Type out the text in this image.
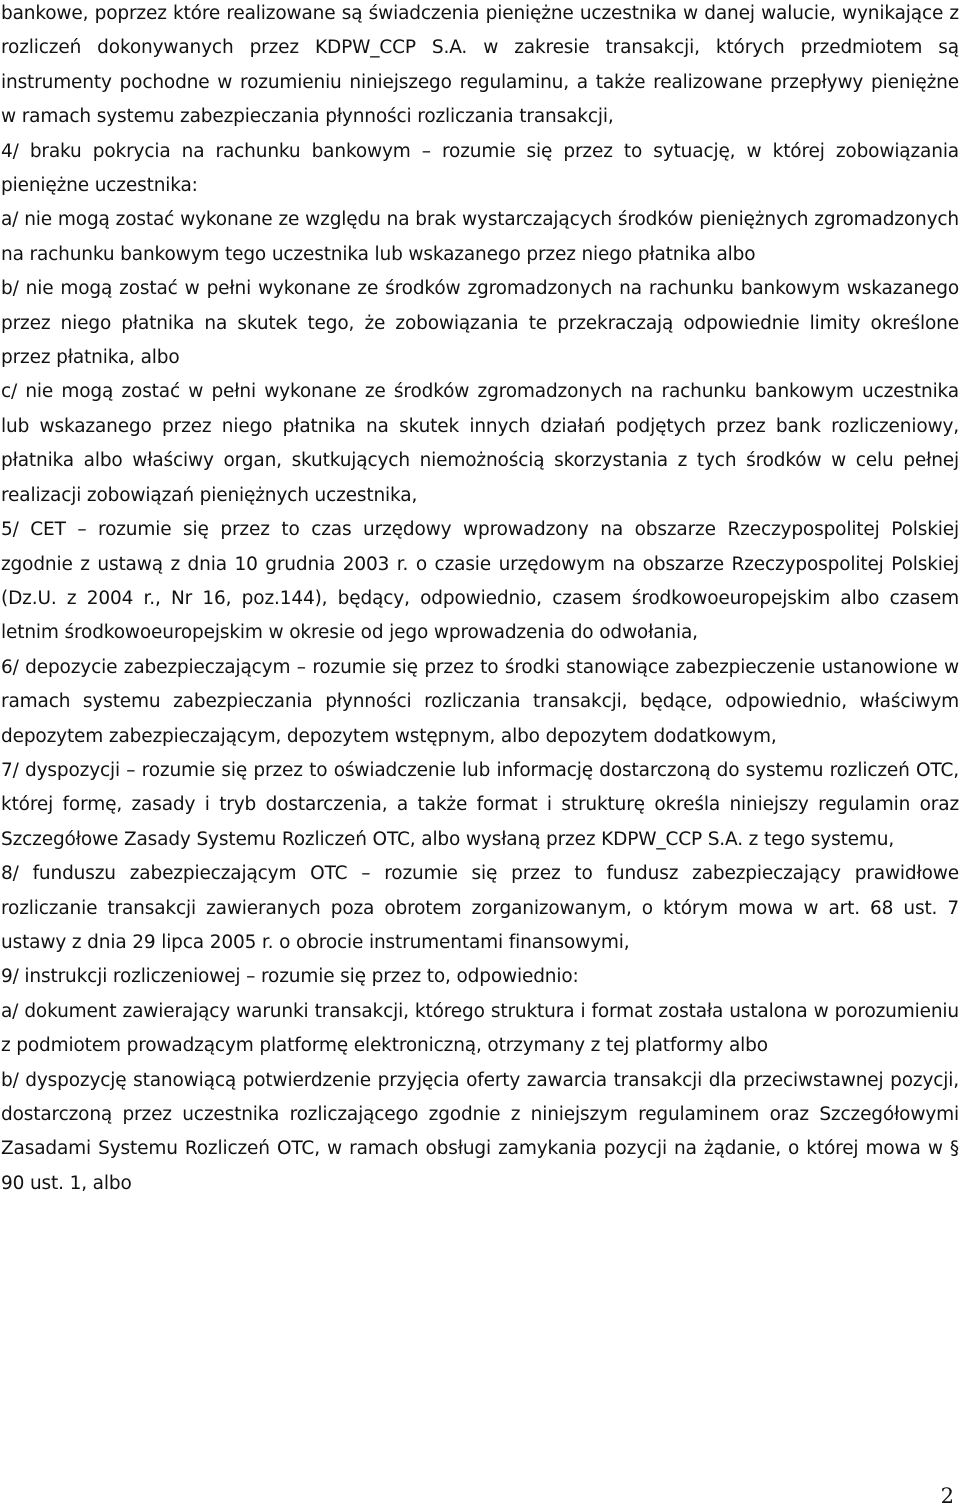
bankowe, poprzez które realizowane są świadczenia pieniężne uczestnika w danej walucie, wynikające z rozliczeń dokonywanych przez KDPW_CCP S.A. w zakresie transakcji, których przedmiotem są instrumenty pochodne w rozumieniu niniejszego regulaminu, a także realizowane przepływy pieniężne w ramach systemu zabezpieczania płynności rozliczania transakcji,

4/ braku pokrycia na rachunku bankowym – rozumie się przez to sytuację, w której zobowiązania pieniężne uczestnika:

a/ nie mogą zostać wykonane ze względu na brak wystarczających środków pieniężnych zgromadzonych na rachunku bankowym tego uczestnika lub wskazanego przez niego płatnika albo

b/ nie mogą zostać w pełni wykonane ze środków zgromadzonych na rachunku bankowym wskazanego przez niego płatnika na skutek tego, że zobowiązania te przekraczają odpowiednie limity określone przez płatnika, albo

c/ nie mogą zostać w pełni wykonane ze środków zgromadzonych na rachunku bankowym uczestnika lub wskazanego przez niego płatnika na skutek innych działań podjętych przez bank rozliczeniowy, płatnika albo właściwy organ, skutkujących niemożnością skorzystania z tych środków w celu pełnej realizacji zobowiązań pieniężnych uczestnika,

5/ CET – rozumie się przez to czas urzędowy wprowadzony na obszarze Rzeczypospolitej Polskiej zgodnie z ustawą z dnia 10 grudnia 2003 r. o czasie urzędowym na obszarze Rzeczypospolitej Polskiej (Dz.U. z 2004 r., Nr 16, poz.144), będący, odpowiednio, czasem środkowoeuropejskim albo czasem letnim środkowoeuropejskim w okresie od jego wprowadzenia do odwołania,

6/ depozycie zabezpieczającym – rozumie się przez to środki stanowiące zabezpieczenie ustanowione w ramach systemu zabezpieczania płynności rozliczania transakcji, będące, odpowiednio, właściwym depozytem zabezpieczającym, depozytem wstępnym, albo depozytem dodatkowym,

7/ dyspozycji – rozumie się przez to oświadczenie lub informację dostarczoną do systemu rozliczeń OTC, której formę, zasady i tryb dostarczenia, a także format i strukturę określa niniejszy regulamin oraz Szczegółowe Zasady Systemu Rozliczeń OTC, albo wysłaną przez KDPW_CCP S.A. z tego systemu,

8/ funduszu zabezpieczającym OTC – rozumie się przez to fundusz zabezpieczający prawidłowe rozliczanie transakcji zawieranych poza obrotem zorganizowanym, o którym mowa w art. 68 ust. 7 ustawy z dnia 29 lipca 2005 r. o obrocie instrumentami finansowymi,

9/ instrukcji rozliczeniowej – rozumie się przez to, odpowiednio:

a/ dokument zawierający warunki transakcji, którego struktura i format została ustalona w porozumieniu z podmiotem prowadzącym platformę elektroniczną, otrzymany z tej platformy albo

b/ dyspozycję stanowiącą potwierdzenie przyjęcia oferty zawarcia transakcji dla przeciwstawnej pozycji, dostarczoną przez uczestnika rozliczającego zgodnie z niniejszym regulaminem oraz Szczegółowymi Zasadami Systemu Rozliczeń OTC, w ramach obsługi zamykania pozycji na żądanie, o której mowa w § 90 ust. 1, albo

2
